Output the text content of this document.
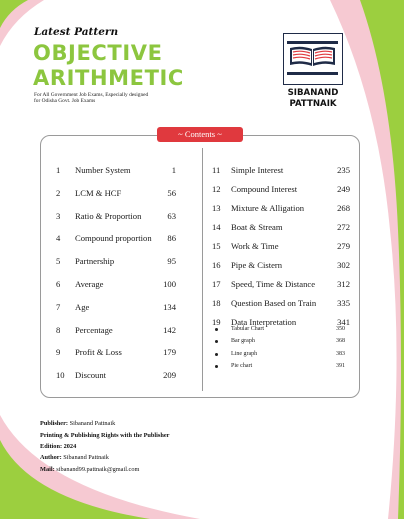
Latest Pattern
OBJECTIVE
ARITHMETIC
For All Government Job Exams, Especially designed
for Odisha Govt. Job Exams
SIBANAND
PATTNAIK
~ Contents ~
1 Number System	1
2 LCM & HCF	56
3 Ratio & Proportion	63
4 Compound proportion	86
5 Partnership	95
6 Average	100
7 Age	134
8 Percentage	142
9 Profit & Loss	179
10 Discount	209
11 Simple Interest	235
12 Compound Interest	249
13 Mixture & Alligation	268
14 Boat & Stream	272
15 Work & Time	279
16 Pipe & Cistern	302
17 Speed, Time & Distance	312
18 Question Based on Train	335
19 Data Interpretation	341
Tabular Chart	350
Bar graph	368
Line graph	383
Pie chart	391
Publisher: Sibanand Pattnaik
Printing & Publishing Rights with the Publisher
Edition: 2024
Author: Sibanand Pattnaik
Mail: sibanand99.pattnaik@gmail.com
